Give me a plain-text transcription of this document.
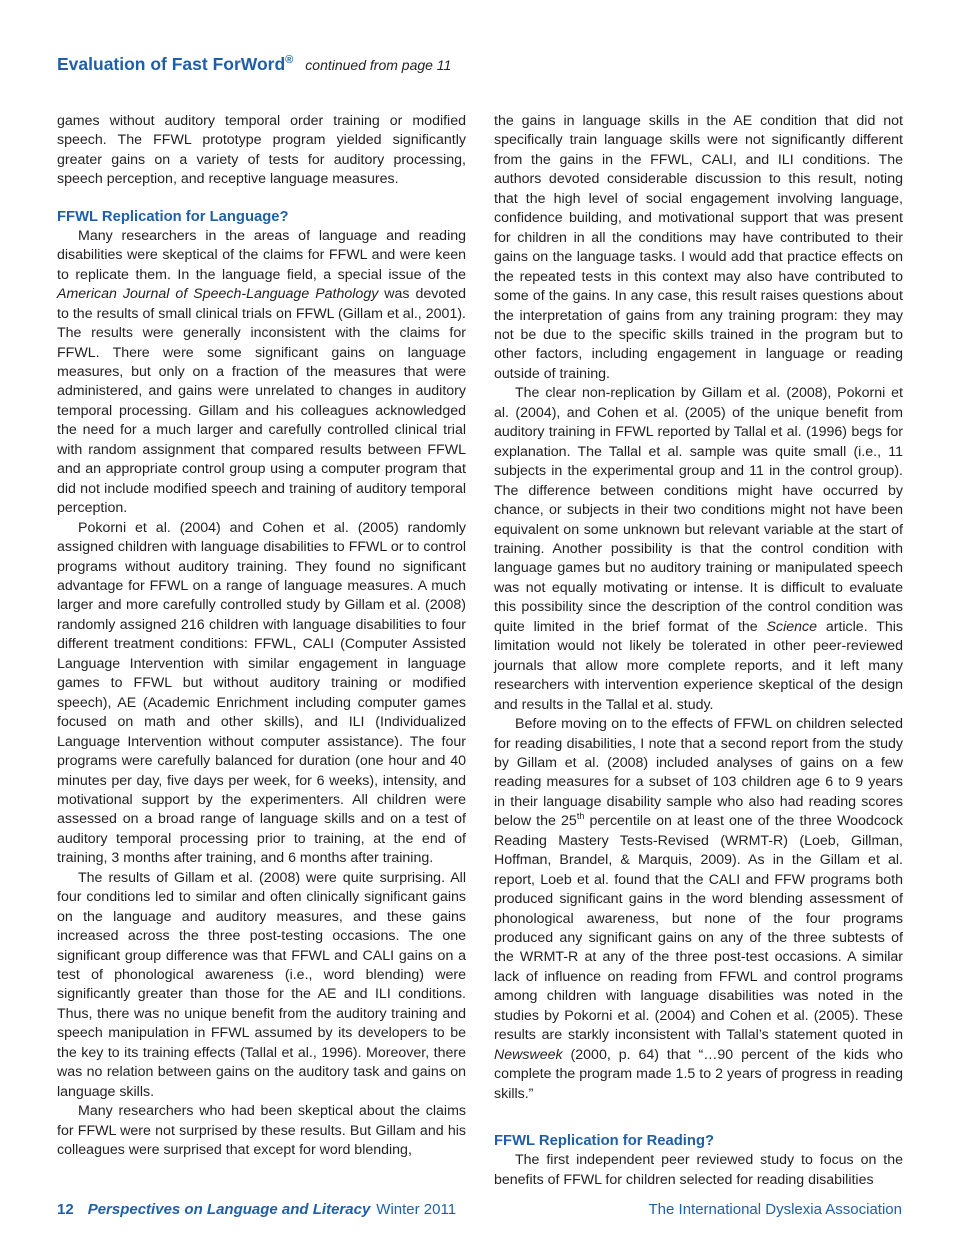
Evaluation of Fast ForWord® continued from page 11

games without auditory temporal order training or modified speech. The FFWL prototype program yielded significantly greater gains on a variety of tests for auditory processing, speech perception, and receptive language measures.

FFWL Replication for Language?

Many researchers in the areas of language and reading disabilities were skeptical of the claims for FFWL and were keen to replicate them. In the language field, a special issue of the American Journal of Speech-Language Pathology was devoted to the results of small clinical trials on FFWL (Gillam et al., 2001). The results were generally inconsistent with the claims for FFWL. There were some significant gains on language measures, but only on a fraction of the measures that were administered, and gains were unrelated to changes in auditory temporal processing. Gillam and his colleagues acknowledged the need for a much larger and carefully controlled clinical trial with random assignment that compared results between FFWL and an appropriate control group using a computer program that did not include modified speech and training of auditory temporal perception.

Pokorni et al. (2004) and Cohen et al. (2005) randomly assigned children with language disabilities to FFWL or to control programs without auditory training. They found no significant advantage for FFWL on a range of language measures. A much larger and more carefully controlled study by Gillam et al. (2008) randomly assigned 216 children with language disabilities to four different treatment conditions: FFWL, CALI (Computer Assisted Language Intervention with similar engagement in language games to FFWL but without auditory training or modified speech), AE (Academic Enrichment including computer games focused on math and other skills), and ILI (Individualized Language Intervention without computer assistance). The four programs were carefully balanced for duration (one hour and 40 minutes per day, five days per week, for 6 weeks), intensity, and motivational support by the experimenters. All children were assessed on a broad range of language skills and on a test of auditory temporal processing prior to training, at the end of training, 3 months after training, and 6 months after training.

The results of Gillam et al. (2008) were quite surprising. All four conditions led to similar and often clinically significant gains on the language and auditory measures, and these gains increased across the three post-testing occasions. The one significant group difference was that FFWL and CALI gains on a test of phonological awareness (i.e., word blending) were significantly greater than those for the AE and ILI conditions. Thus, there was no unique benefit from the auditory training and speech manipulation in FFWL assumed by its developers to be the key to its training effects (Tallal et al., 1996). Moreover, there was no relation between gains on the auditory task and gains on language skills.

Many researchers who had been skeptical about the claims for FFWL were not surprised by these results. But Gillam and his colleagues were surprised that except for word blending,

the gains in language skills in the AE condition that did not specifically train language skills were not significantly different from the gains in the FFWL, CALI, and ILI conditions. The authors devoted considerable discussion to this result, noting that the high level of social engagement involving language, confidence building, and motivational support that was present for children in all the conditions may have contributed to their gains on the language tasks. I would add that practice effects on the repeated tests in this context may also have contributed to some of the gains. In any case, this result raises questions about the interpretation of gains from any training program: they may not be due to the specific skills trained in the program but to other factors, including engagement in language or reading outside of training.

The clear non-replication by Gillam et al. (2008), Pokorni et al. (2004), and Cohen et al. (2005) of the unique benefit from auditory training in FFWL reported by Tallal et al. (1996) begs for explanation. The Tallal et al. sample was quite small (i.e., 11 subjects in the experimental group and 11 in the control group). The difference between conditions might have occurred by chance, or subjects in their two conditions might not have been equivalent on some unknown but relevant variable at the start of training. Another possibility is that the control condition with language games but no auditory training or manipulated speech was not equally motivating or intense. It is difficult to evaluate this possibility since the description of the control condition was quite limited in the brief format of the Science article. This limitation would not likely be tolerated in other peer-reviewed journals that allow more complete reports, and it left many researchers with intervention experience skeptical of the design and results in the Tallal et al. study.

Before moving on to the effects of FFWL on children selected for reading disabilities, I note that a second report from the study by Gillam et al. (2008) included analyses of gains on a few reading measures for a subset of 103 children age 6 to 9 years in their language disability sample who also had reading scores below the 25th percentile on at least one of the three Woodcock Reading Mastery Tests-Revised (WRMT-R) (Loeb, Gillman, Hoffman, Brandel, & Marquis, 2009). As in the Gillam et al. report, Loeb et al. found that the CALI and FFW programs both produced significant gains in the word blending assessment of phonological awareness, but none of the four programs produced any significant gains on any of the three subtests of the WRMT-R at any of the three post-test occasions. A similar lack of influence on reading from FFWL and control programs among children with language disabilities was noted in the studies by Pokorni et al. (2004) and Cohen et al. (2005). These results are starkly inconsistent with Tallal’s statement quoted in Newsweek (2000, p. 64) that “…90 percent of the kids who complete the program made 1.5 to 2 years of progress in reading skills.”

FFWL Replication for Reading?

The first independent peer reviewed study to focus on the benefits of FFWL for children selected for reading disabilities

12 Perspectives on Language and Literacy Winter 2011	The International Dyslexia Association
